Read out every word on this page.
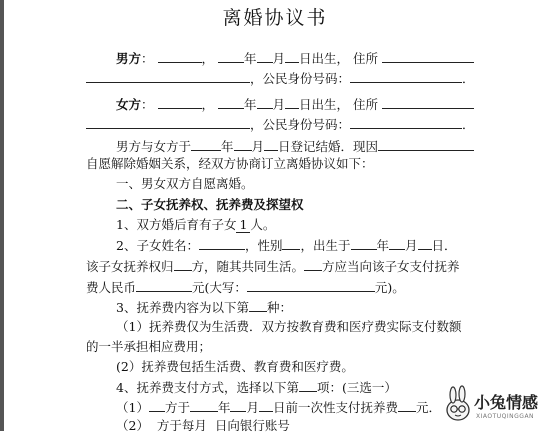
离婚协议书
男方：	， 年 月 日出生， 住所
，公民身份号码：	．
女方：	， 年 月 日出生， 住所
，公民身份号码：	．
男方与女方于 年 月 日登记结婚．现因
自愿解除婚姻关系，经双方协商订立离婚协议如下：
一、男女双方自愿离婚。
二、子女抚养权、抚养费及探望权
1、双方婚后育有子女 1 人。
2、子女姓名：	，性别 ，出生于 年 月 日．
该子女抚养权归 方，随其共同生活。 方应当向该子女支付抚养
费人民币	元(大写：	元)。
3、抚养费内容为以下第 种：
（1）抚养费仅为生活费．双方按教育费和医疗费实际支付数额
的一半承担相应费用；
(2）抚养费包括生活费、教育费和医疗费。
4、抚养费支付方式，选择以下第 项：(三选一）
（1） 方于 年 月 日前一次性支付抚养费 元．
（2） 方于每月 日向银行账号
小兔情感
XIAOTUQINGGAN
